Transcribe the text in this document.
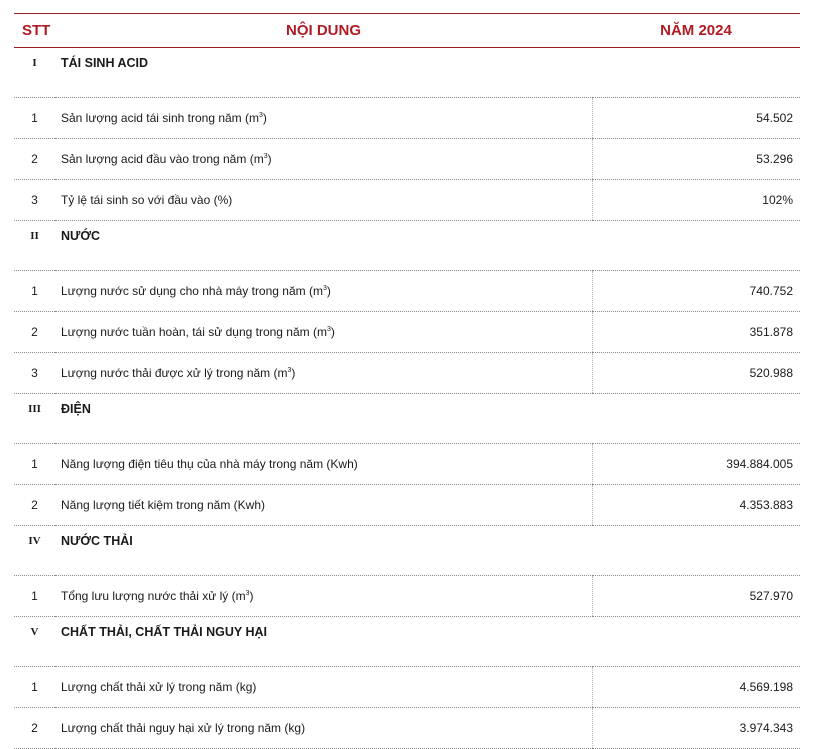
STT	NỘI DUNG	NĂM 2024
I	TÁI SINH ACID	
1	Sản lượng acid tái sinh trong năm $(m^3)$	54.502
2	Sản lượng acid đầu vào trong năm $(m^3)$	53.296
3	Tỷ lệ tái sinh so với đầu vào (%)	102%
II	NƯỚC	
1	Lượng nước sử dụng cho nhà máy trong năm $(m^3)$	740.752
2	Lượng nước tuần hoàn, tái sử dụng trong năm $(m^3)$	351.878
3	Lượng nước thải được xử lý trong năm $(m^3)$	520.988
III	ĐIỆN	
1	Năng lượng điện tiêu thụ của nhà máy trong năm (Kwh)	394.884.005
2	Năng lượng tiết kiệm trong năm (Kwh)	4.353.883
IV	NƯỚC THẢI	
1	Tổng lưu lượng nước thải xử lý $(m^3)$	527.970
V	CHẤT THẢI, CHẤT THẢI NGUY HẠI	
1	Lượng chất thải xử lý trong năm (kg)	4.569.198
2	Lượng chất thải nguy hại xử lý trong năm (kg)	3.974.343
